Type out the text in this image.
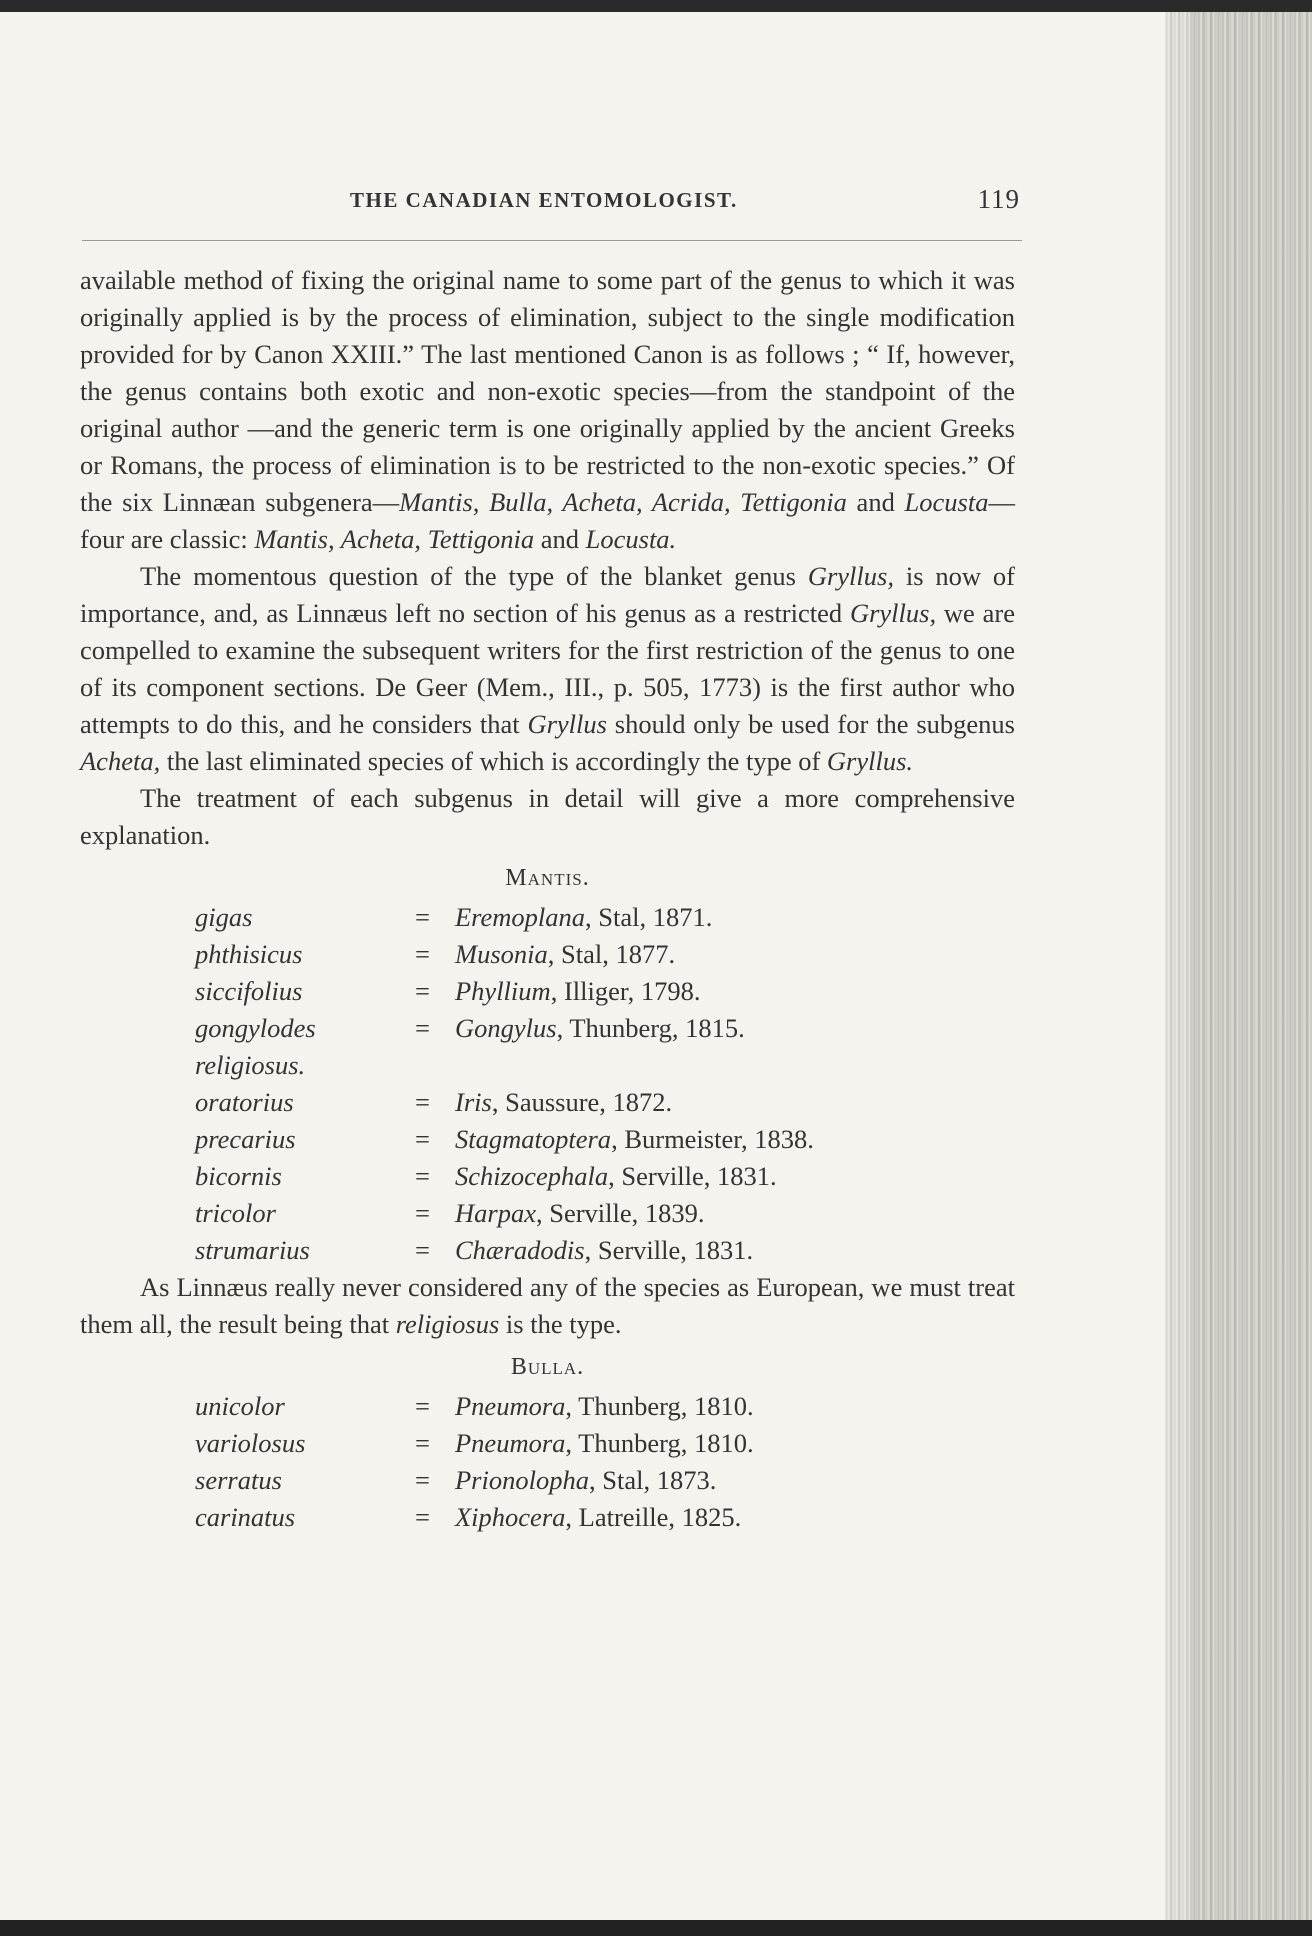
THE CANADIAN ENTOMOLOGIST.	119

available method of fixing the original name to some part of the genus to which it was originally applied is by the process of elimination, subject to the single modification provided for by Canon XXIII.” The last mentioned Canon is as follows ; “ If, however, the genus contains both exotic and non-exotic species—from the standpoint of the original author —and the generic term is one originally applied by the ancient Greeks or Romans, the process of elimination is to be restricted to the non-exotic species.” Of the six Linnæan subgenera—Mantis, Bulla, Acheta, Acrida, Tettigonia and Locusta—four are classic: Mantis, Acheta, Tettigonia and Locusta.

The momentous question of the type of the blanket genus Gryllus, is now of importance, and, as Linnæus left no section of his genus as a restricted Gryllus, we are compelled to examine the subsequent writers for the first restriction of the genus to one of its component sections. De Geer (Mem., III., p. 505, 1773) is the first author who attempts to do this, and he considers that Gryllus should only be used for the subgenus Acheta, the last eliminated species of which is accordingly the type of Gryllus.

The treatment of each subgenus in detail will give a more comprehensive explanation.

Mantis.
gigas	= Eremoplana, Stal, 1871.
phthisicus	= Musonia, Stal, 1877.
siccifolius	= Phyllium, Illiger, 1798.
gongylodes	= Gongylus, Thunberg, 1815.
religiosus.
oratorius	= Iris, Saussure, 1872.
precarius	= Stagmatoptera, Burmeister, 1838.
bicornis	= Schizocephala, Serville, 1831.
tricolor	= Harpax, Serville, 1839.
strumarius	= Chæradodis, Serville, 1831.

As Linnæus really never considered any of the species as European, we must treat them all, the result being that religiosus is the type.

Bulla.
unicolor	= Pneumora, Thunberg, 1810.
variolosus	= Pneumora, Thunberg, 1810.
serratus	= Prionolopha, Stal, 1873.
carinatus	= Xiphocera, Latreille, 1825.
